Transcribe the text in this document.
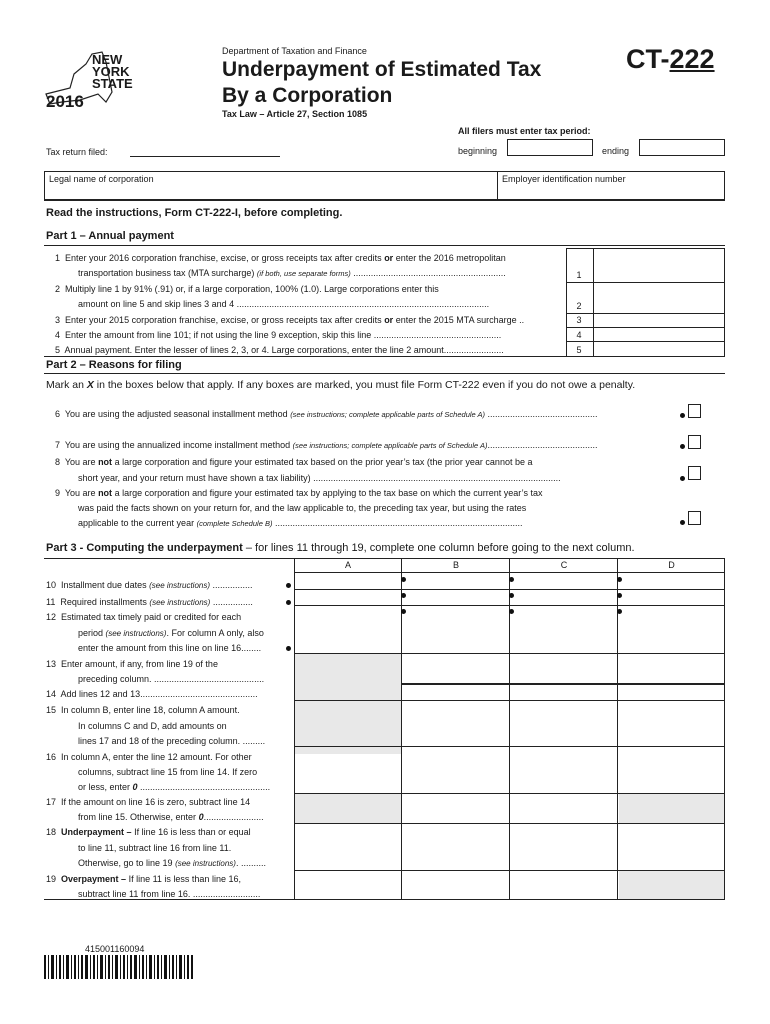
NEW
YORK
STATE
2016
Department of Taxation and Finance
Underpayment of Estimated Tax
By a Corporation
Tax Law – Article 27, Section 1085
CT-222
All filers must enter tax period:
beginning	ending
Tax return filed:
Legal name of corporation	Employer identification number
Read the instructions, Form CT-222-I, before completing.
Part 1 – Annual payment
1 Enter your 2016 corporation franchise, excise, or gross receipts tax after credits or enter the 2016 metropolitan
transportation business tax (MTA surcharge) (if both, use separate forms) .............................................................	1
2 Multiply line 1 by 91% (.91) or, if a large corporation, 100% (1.0). Large corporations enter this
amount on line 5 and skip lines 3 and 4 .....................................................................................................	2
3 Enter your 2015 corporation franchise, excise, or gross receipts tax after credits or enter the 2015 MTA surcharge ..	3
4 Enter the amount from line 101; if not using the line 9 exception, skip this line ...................................................	4
5 Annual payment. Enter the lesser of lines 2, 3, or 4. Large corporations, enter the line 2 amount........................	5
Part 2 – Reasons for filing
Mark an X in the boxes below that apply. If any boxes are marked, you must file Form CT-222 even if you do not owe a penalty.
6 You are using the adjusted seasonal installment method (see instructions; complete applicable parts of Schedule A) ............................................
7 You are using the annualized income installment method (see instructions; complete applicable parts of Schedule A)............................................
8 You are not a large corporation and figure your estimated tax based on the prior year’s tax (the prior year cannot be a
short year, and your return must have shown a tax liability) ...................................................................................................
9 You are not a large corporation and figure your estimated tax by applying to the tax base on which the current year’s tax
was paid the facts shown on your return for, and the law applicable to, the preceding tax year, but using the rates
applicable to the current year (complete Schedule B) ...................................................................................................
Part 3 - Computing the underpayment – for lines 11 through 19, complete one column before going to the next column.
A	B	C	D
10 Installment due dates (see instructions) ................
11 Required installments (see instructions) ................
12 Estimated tax timely paid or credited for each
period (see instructions). For column A only, also
enter the amount from this line on line 16........
13 Enter amount, if any, from line 19 of the
preceding column. ............................................
14 Add lines 12 and 13...............................................
15 In column B, enter line 18, column A amount.
In columns C and D, add amounts on
lines 17 and 18 of the preceding column. .........
16 In column A, enter the line 12 amount. For other
columns, subtract line 15 from line 14. If zero
or less, enter 0 ....................................................
17 If the amount on line 16 is zero, subtract line 14
from line 15. Otherwise, enter 0........................
18 Underpayment – If line 16 is less than or equal
to line 11, subtract line 16 from line 11.
Otherwise, go to line 19 (see instructions). ..........
19 Overpayment – If line 11 is less than line 16,
subtract line 11 from line 16. ...........................
415001160094
